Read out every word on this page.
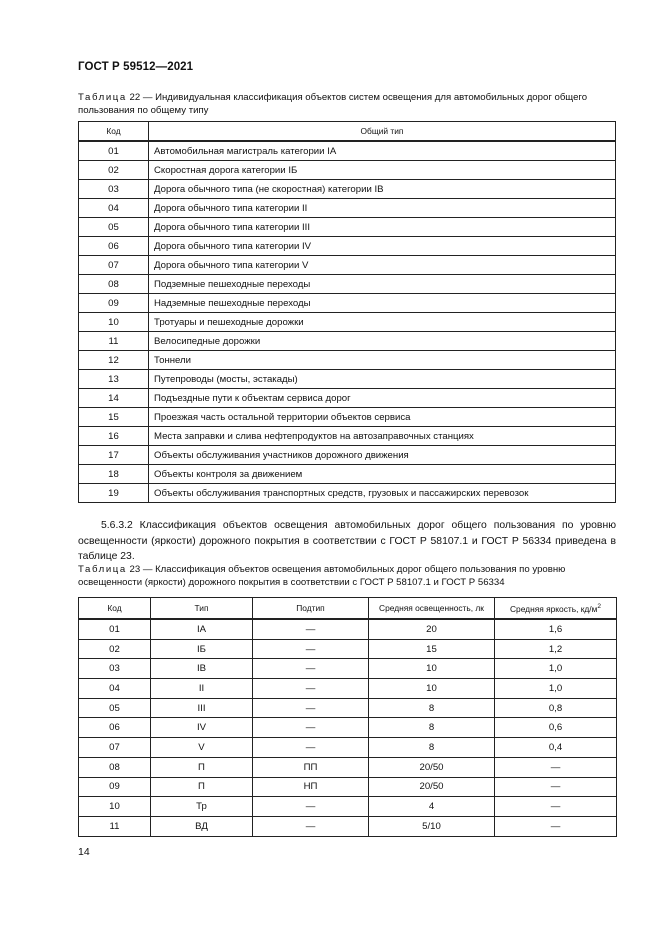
ГОСТ Р 59512—2021
Таблица 22 — Индивидуальная классификация объектов систем освещения для автомобильных дорог общего пользования по общему типу
Код	Общий тип
01	Автомобильная магистраль категории IА
02	Скоростная дорога категории IБ
03	Дорога обычного типа (не скоростная) категории IВ
04	Дорога обычного типа категории II
05	Дорога обычного типа категории III
06	Дорога обычного типа категории IV
07	Дорога обычного типа категории V
08	Подземные пешеходные переходы
09	Надземные пешеходные переходы
10	Тротуары и пешеходные дорожки
11	Велосипедные дорожки
12	Тоннели
13	Путепроводы (мосты, эстакады)
14	Подъездные пути к объектам сервиса дорог
15	Проезжая часть остальной территории объектов сервиса
16	Места заправки и слива нефтепродуктов на автозаправочных станциях
17	Объекты обслуживания участников дорожного движения
18	Объекты контроля за движением
19	Объекты обслуживания транспортных средств, грузовых и пассажирских перевозок

5.6.3.2 Классификация объектов освещения автомобильных дорог общего пользования по уровню освещенности (яркости) дорожного покрытия в соответствии с ГОСТ Р 58107.1 и ГОСТ Р 56334 приведена в таблице 23.

Таблица 23 — Классификация объектов освещения автомобильных дорог общего пользования по уровню освещенности (яркости) дорожного покрытия в соответствии с ГОСТ Р 58107.1 и ГОСТ Р 56334
Код	Тип	Подтип	Средняя освещенность, лк	Средняя яркость, $кд/м^2$
01	IА	—	20	1,6
02	IБ	—	15	1,2
03	IВ	—	10	1,0
04	II	—	10	1,0
05	III	—	8	0,8
06	IV	—	8	0,6
07	V	—	8	0,4
08	П	ПП	20/50	—
09	П	НП	20/50	—
10	Тр	—	4	—
11	ВД	—	5/10	—
14
